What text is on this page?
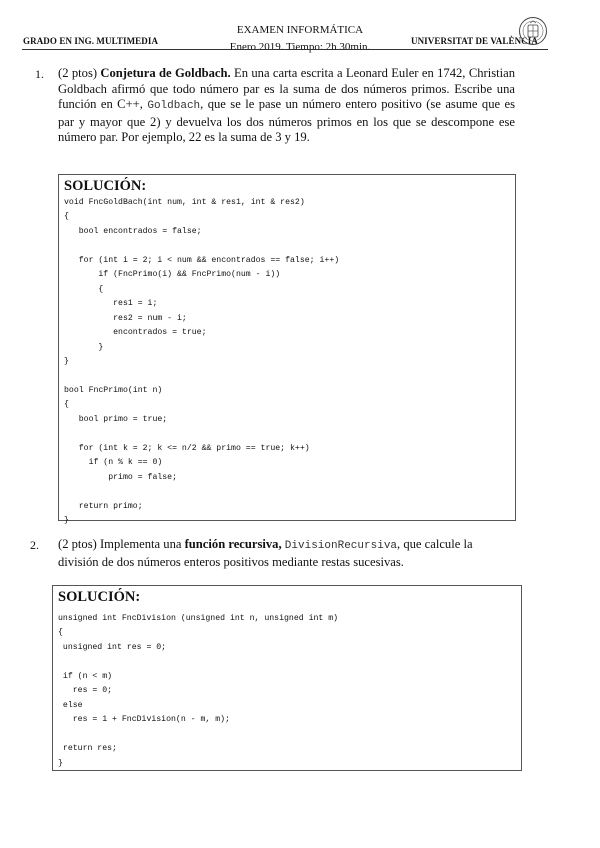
GRADO EN ING. MULTIMEDIA
EXAMEN INFORMÁTICA
Enero 2019. Tiempo: 2h 30min.	UNIVERSITAT DE VALÈNCIA
1. (2 ptos) Conjetura de Goldbach. En una carta escrita a Leonard Euler en 1742, Christian Goldbach afirmó que todo número par es la suma de dos números primos. Escribe una función en C++, Goldbach, que se le pase un número entero positivo (se asume que es par y mayor que 2) y devuelva los dos números primos en los que se descompone ese número par. Por ejemplo, 22 es la suma de 3 y 19.
SOLUCIÓN:
void FncGoldBach(int num, int & res1, int & res2)
{
bool encontrados = false;

for (int i = 2; i < num && encontrados == false; i++)
if (FncPrimo(i) && FncPrimo(num - i))
{
res1 = i;
res2 = num - i;
encontrados = true;
}
}

bool FncPrimo(int n)
{
bool primo = true;

for (int k = 2; k <= n/2 && primo == true; k++)
if (n % k == 0)
primo = false;

return primo;
}
2. (2 ptos) Implementa una función recursiva, DivisionRecursiva, que calcule la división de dos números enteros positivos mediante restas sucesivas.
SOLUCIÓN:
unsigned int FncDivision (unsigned int n, unsigned int m)
{
unsigned int res = 0;

if (n < m)
res = 0;
else
res = 1 + FncDivision(n - m, m);

return res;
}
